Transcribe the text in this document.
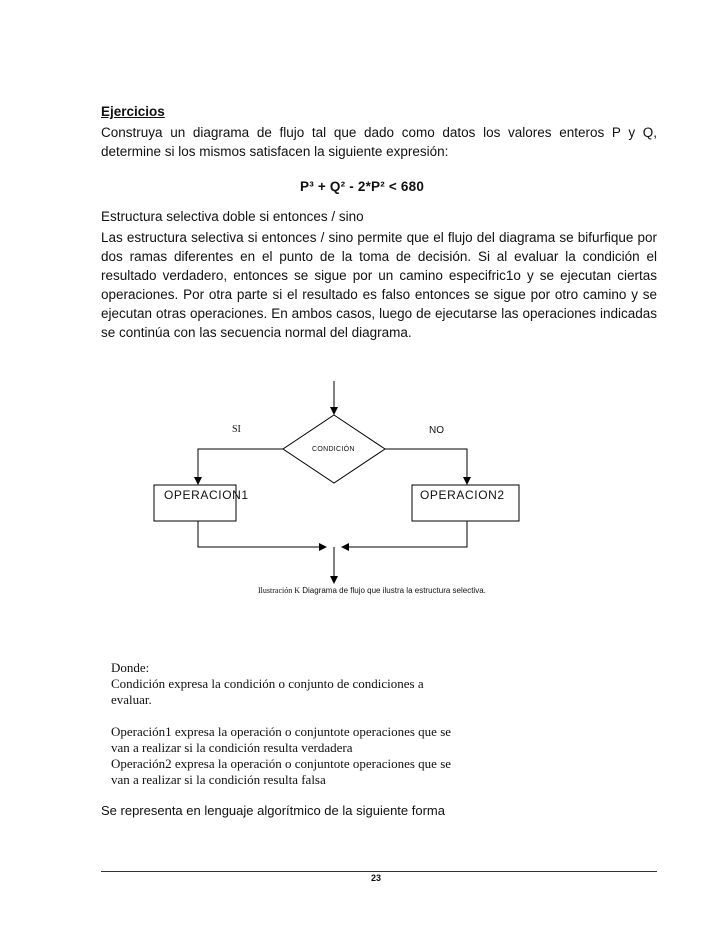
Ejercicios
Construya un diagrama de flujo tal que dado como datos los valores enteros P y Q, determine si los mismos satisfacen la siguiente expresión:
P³ + Q² - 2*P² < 680
Estructura selectiva doble si entonces / sino
Las estructura selectiva si entonces / sino permite que el flujo del diagrama se bifurfique por dos ramas diferentes en el punto de la toma de decisión. Si al evaluar la condición el resultado verdadero, entonces se sigue por un camino especifric1o y se ejecutan ciertas operaciones. Por otra parte si el resultado es falso entonces se sigue por otro camino y se ejecutan otras operaciones. En ambos casos, luego de ejecutarse las operaciones indicadas se continúa con las secuencia normal del diagrama.
SI	NO
CONDICIÓN
OPERACION1	OPERACION2
Ilustración K Diagrama de flujo que ilustra la estructura selectiva.
Donde:
Condición expresa la condición o conjunto de condiciones a
evaluar.
Operación1 expresa la operación o conjuntote operaciones que se
van a realizar si la condición resulta verdadera
Operación2 expresa la operación o conjuntote operaciones que se
van a realizar si la condición resulta falsa
Se representa en lenguaje algorítmico de la siguiente forma
23
